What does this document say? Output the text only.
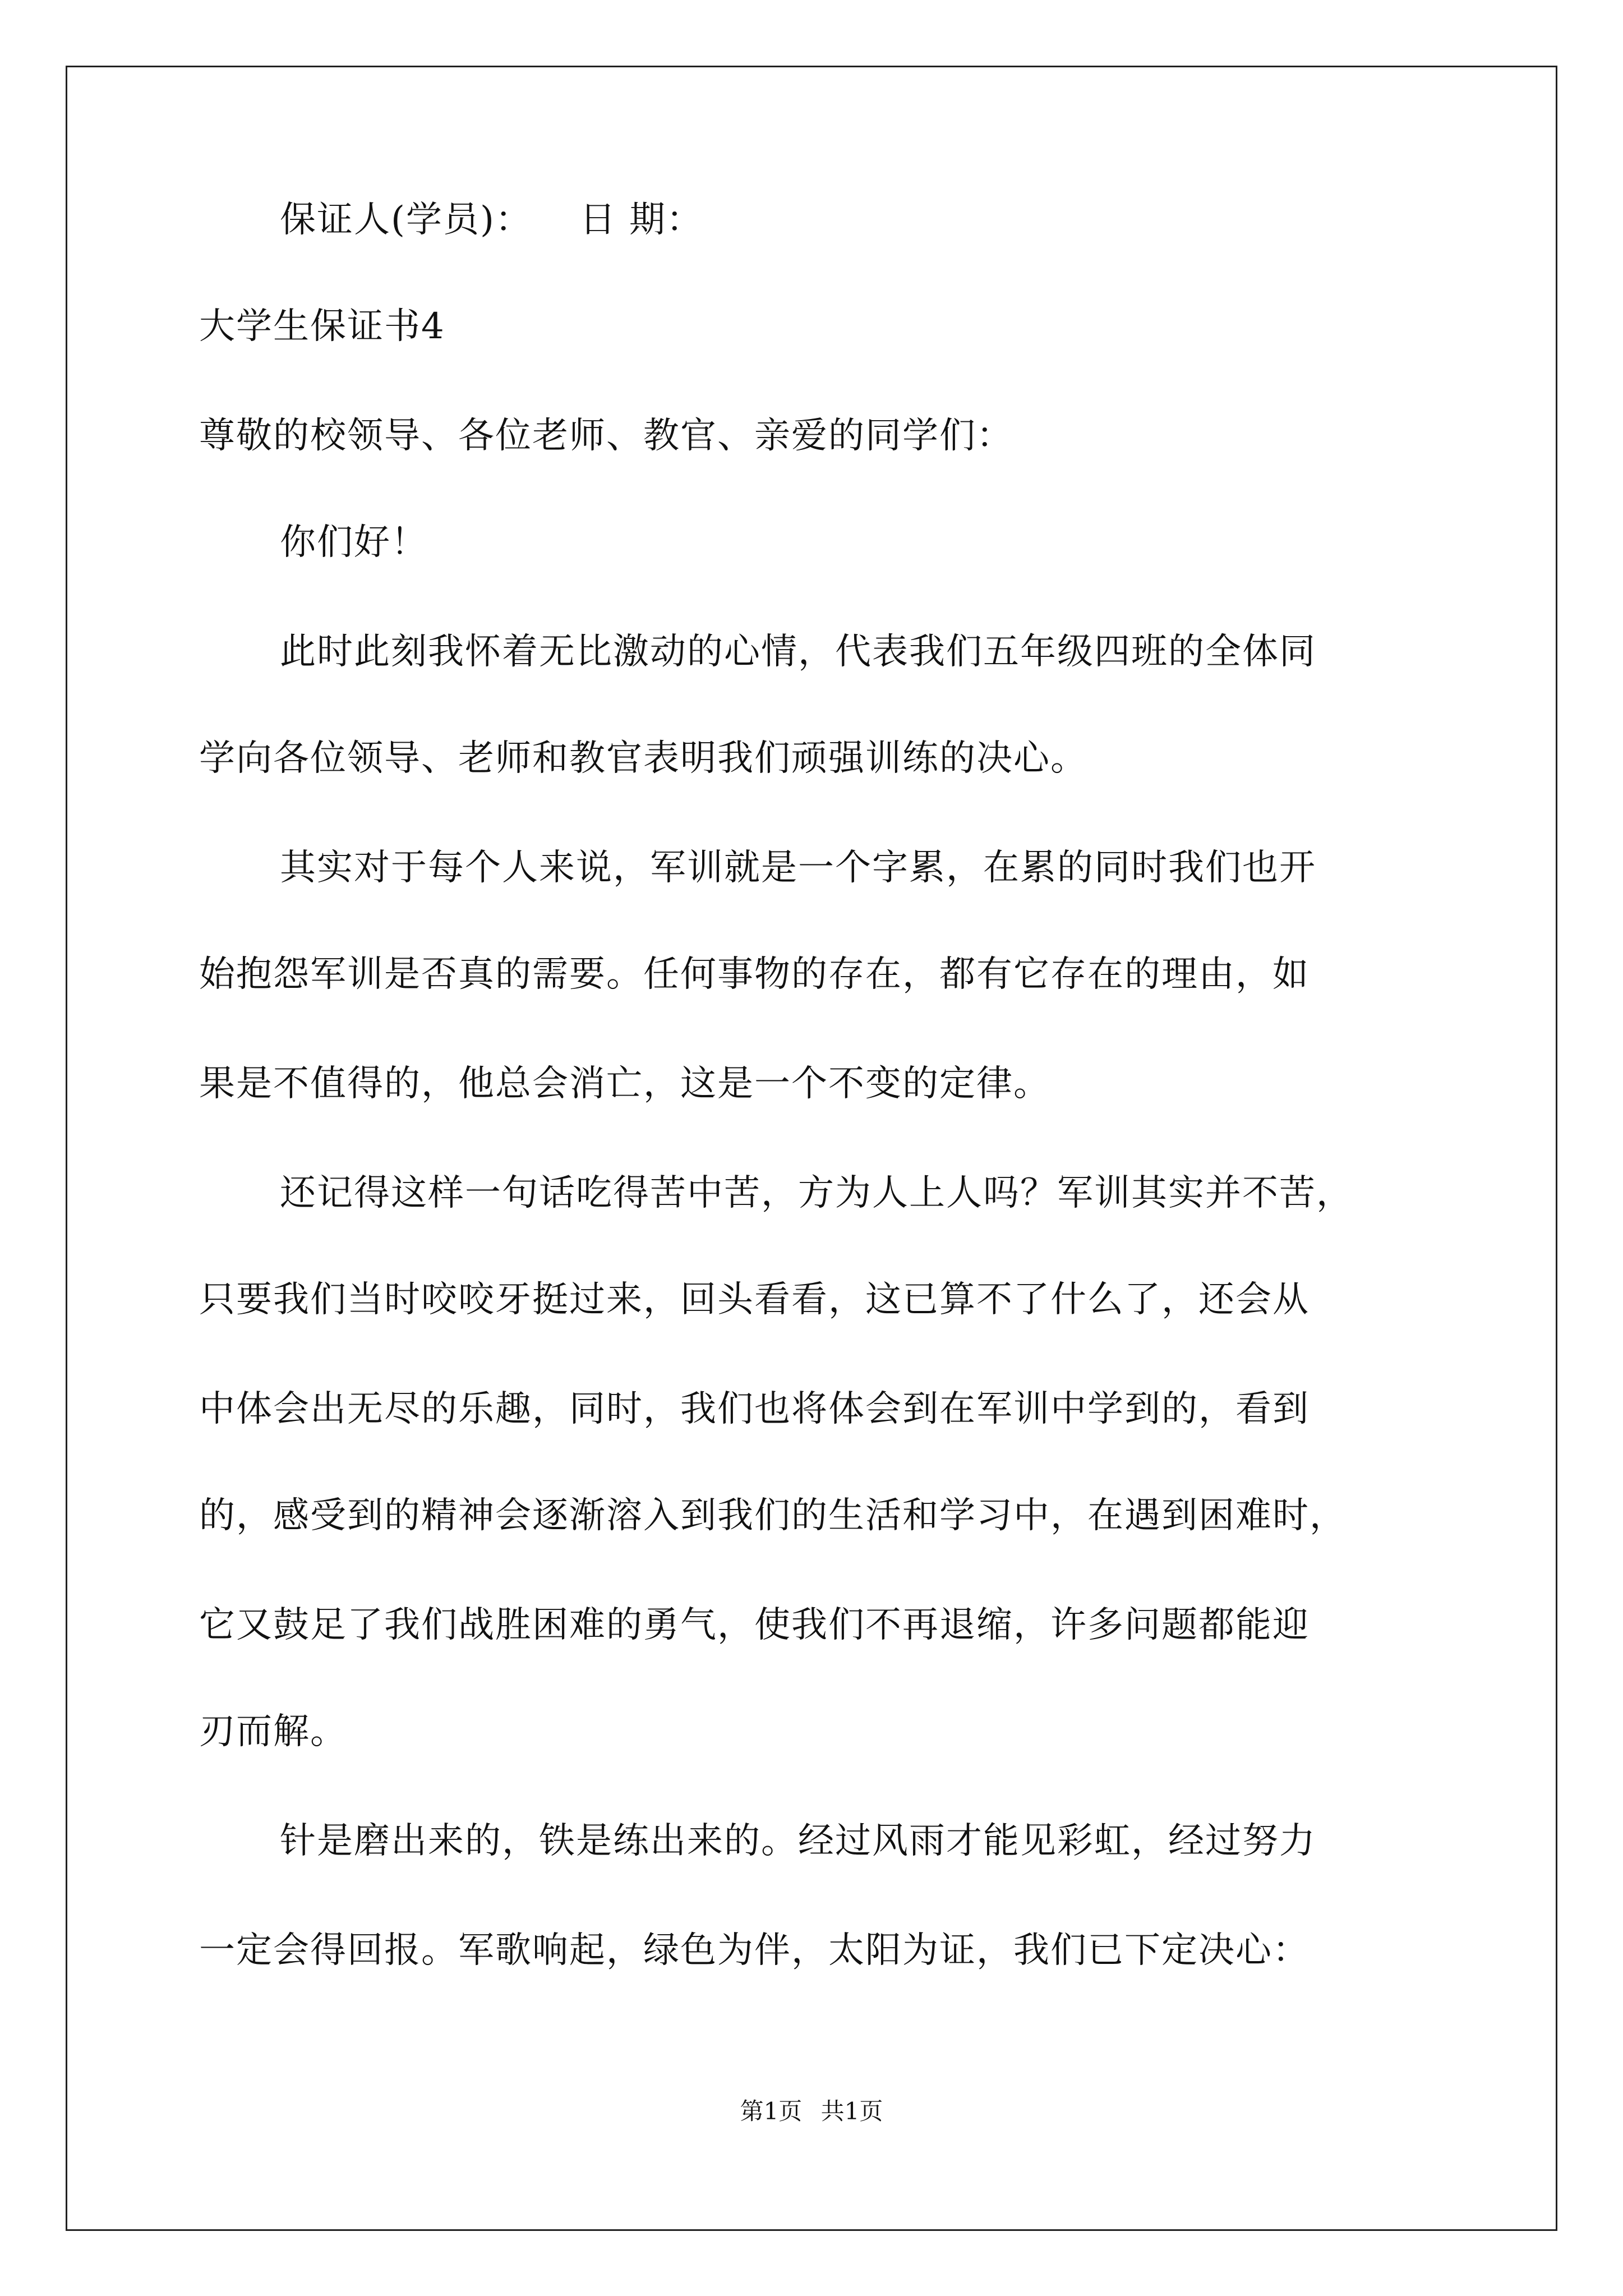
保证人(学员)： 日 期：
大学生保证书4
尊敬的校领导、各位老师、教官、亲爱的同学们：
你们好！
此时此刻我怀着无比激动的心情，代表我们五年级四班的全体同
学向各位领导、老师和教官表明我们顽强训练的决心。
其实对于每个人来说，军训就是一个字累，在累的同时我们也开
始抱怨军训是否真的需要。任何事物的存在，都有它存在的理由，如
果是不值得的，他总会消亡，这是一个不变的定律。
还记得这样一句话吃得苦中苦，方为人上人吗？军训其实并不苦，
只要我们当时咬咬牙挺过来，回头看看，这已算不了什么了，还会从
中体会出无尽的乐趣，同时，我们也将体会到在军训中学到的，看到
的，感受到的精神会逐渐溶入到我们的生活和学习中，在遇到困难时，
它又鼓足了我们战胜困难的勇气，使我们不再退缩，许多问题都能迎
刃而解。
针是磨出来的，铁是练出来的。经过风雨才能见彩虹，经过努力
一定会得回报。军歌响起，绿色为伴，太阳为证，我们已下定决心：
第1页 共1页
